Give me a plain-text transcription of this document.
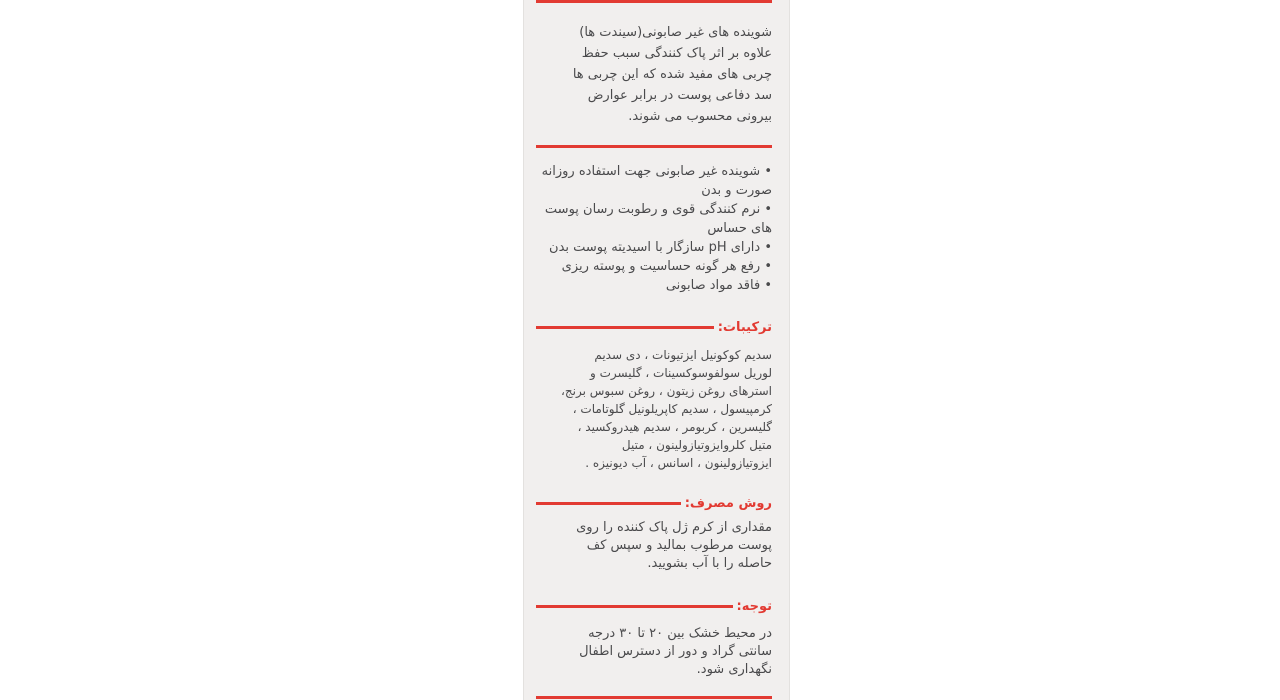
شوینده های غیر صابونی(سیندت ها)
علاوه بر اثر پاک کنندگی سبب حفظ
چربی های مفید شده که این چربی ها
سد دفاعی پوست در برابر عوارض
بیرونی محسوب می شوند.

• شوینده غیر صابونی جهت استفاده روزانه صورت و بدن

• نرم کنندگی قوی و رطوبت رسان پوست های حساس

• دارای pH سازگار با اسیدیته پوست بدن

• رفع هر گونه حساسیت و پوسته ریزی

• فاقد مواد صابونی

ترکیبات:
سدیم کوکونیل ایزتیونات ، دی سدیم
لوریل سولفوسوکسینات ، گلیسرت و
استرهای روغن زیتون ، روغن سبوس برنج،
کرمپیسول ، سدیم کاپریلونیل گلوتامات ،
گلیسرین ، کربومر ، سدیم هیدروکسید ،
متیل کلروایزوتیازولینون ، متیل
ایزوتیازولینون ، اسانس ، آب دیونیزه .
روش مصرف:
مقداری از کرم ژل پاک کننده را روی
پوست مرطوب بمالید و سپس کف
حاصله را با آب بشویید.
توجه:
در محیط خشک بین ۲۰ تا ۳۰ درجه
سانتی گراد و دور از دسترس اطفال
نگهداری شود.
